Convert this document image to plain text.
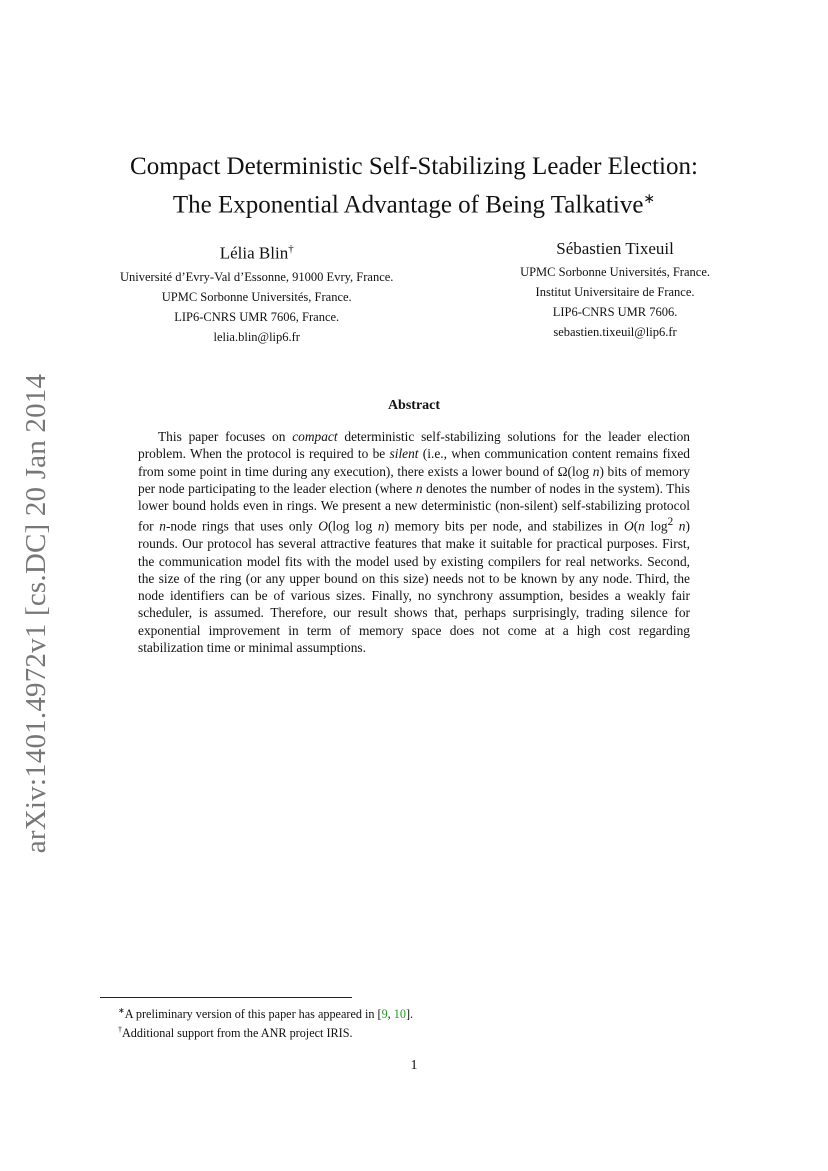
arXiv:1401.4972v1 [cs.DC] 20 Jan 2014
Compact Deterministic Self-Stabilizing Leader Election:
The Exponential Advantage of Being Talkative∗
Lélia Blin†
Université d’Evry-Val d’Essonne, 91000 Evry, France.
UPMC Sorbonne Universités, France.
LIP6-CNRS UMR 7606, France.
lelia.blin@lip6.fr
Sébastien Tixeuil
UPMC Sorbonne Universités, France.
Institut Universitaire de France.
LIP6-CNRS UMR 7606.
sebastien.tixeuil@lip6.fr
Abstract

This paper focuses on compact deterministic self-stabilizing solutions for the leader election problem. When the protocol is required to be silent (i.e., when communication content remains fixed from some point in time during any execution), there exists a lower bound of Ω(log n) bits of memory per node participating to the leader election (where n denotes the number of nodes in the system). This lower bound holds even in rings. We present a new deterministic (non-silent) self-stabilizing protocol for n-node rings that uses only O(log log n) memory bits per node, and stabilizes in O(n $\log^2 n$) rounds. Our protocol has several attractive features that make it suitable for practical purposes. First, the communication model fits with the model used by existing compilers for real networks. Second, the size of the ring (or any upper bound on this size) needs not to be known by any node. Third, the node identifiers can be of various sizes. Finally, no synchrony assumption, besides a weakly fair scheduler, is assumed. Therefore, our result shows that, perhaps surprisingly, trading silence for exponential improvement in term of memory space does not come at a high cost regarding stabilization time or minimal assumptions.

∗A preliminary version of this paper has appeared in [9, 10].
†Additional support from the ANR project IRIS.
1
